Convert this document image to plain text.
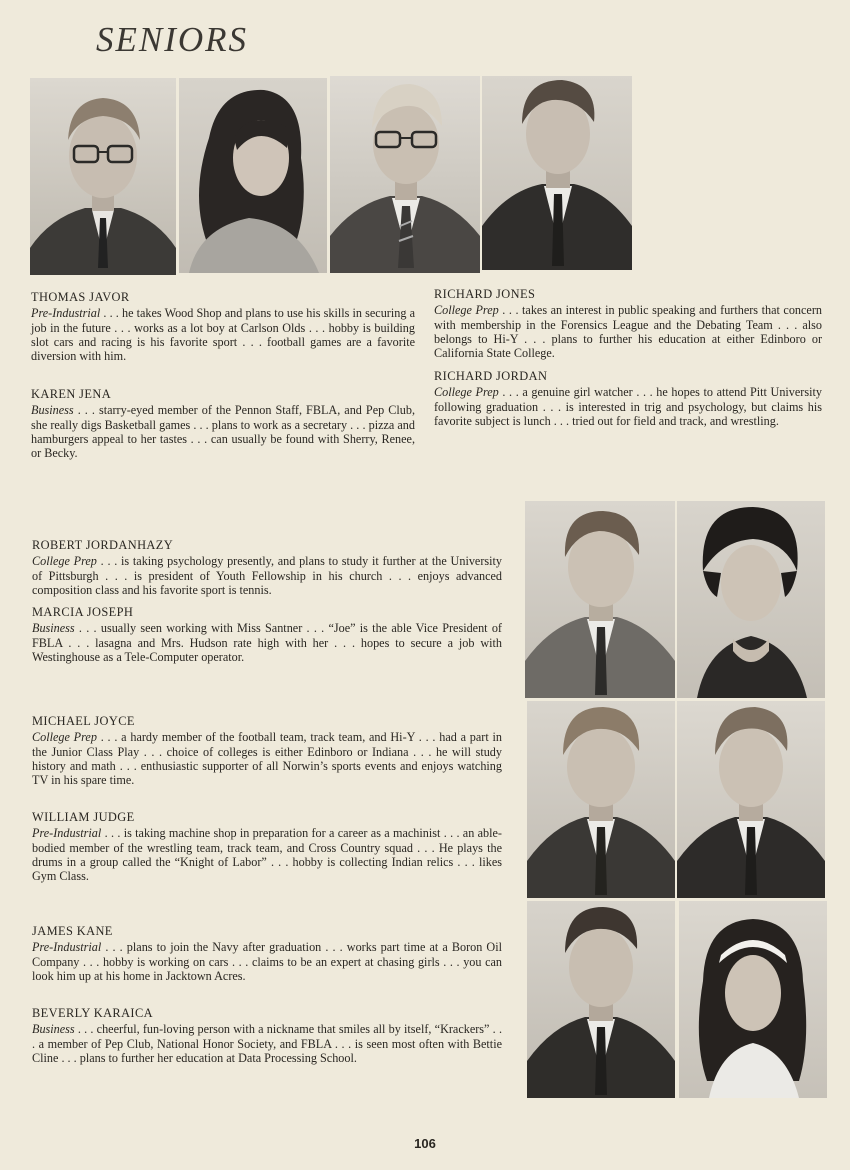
SENIORS
THOMAS JAVOR
Pre-Industrial . . . he takes Wood Shop and plans to use his skills in securing a job in the future . . . works as a lot boy at Carlson Olds . . . hobby is building slot cars and racing is his favorite sport . . . football games are a favorite diversion with him.
KAREN JENA
Business . . . starry-eyed member of the Pennon Staff, FBLA, and Pep Club, she really digs Basketball games . . . plans to work as a secretary . . . pizza and hamburgers appeal to her tastes . . . can usually be found with Sherry, Renee, or Becky.
RICHARD JONES
College Prep . . . takes an interest in public speaking and furthers that concern with membership in the Forensics League and the Debating Team . . . also belongs to Hi-Y . . . plans to further his education at either Edinboro or California State College.
RICHARD JORDAN
College Prep . . . a genuine girl watcher . . . he hopes to attend Pitt University following graduation . . . is interested in trig and psychology, but claims his favorite subject is lunch . . . tried out for field and track, and wrestling.
ROBERT JORDANHAZY
College Prep . . . is taking psychology presently, and plans to study it further at the University of Pittsburgh . . . is president of Youth Fellowship in his church . . . enjoys advanced composition class and his favorite sport is tennis.
MARCIA JOSEPH
Business . . . usually seen working with Miss Santner . . . “Joe” is the able Vice President of FBLA . . . lasagna and Mrs. Hudson rate high with her . . . hopes to secure a job with Westinghouse as a Tele-Computer operator.
MICHAEL JOYCE
College Prep . . . a hardy member of the football team, track team, and Hi-Y . . . had a part in the Junior Class Play . . . choice of colleges is either Edinboro or Indiana . . . he will study history and math . . . enthusiastic supporter of all Norwin’s sports events and enjoys watching TV in his spare time.
WILLIAM JUDGE
Pre-Industrial . . . is taking machine shop in preparation for a career as a machinist . . . an able-bodied member of the wrestling team, track team, and Cross Country squad . . . He plays the drums in a group called the “Knight of Labor” . . . hobby is collecting Indian relics . . . likes Gym Class.
JAMES KANE
Pre-Industrial . . . plans to join the Navy after graduation . . . works part time at a Boron Oil Company . . . hobby is working on cars . . . claims to be an expert at chasing girls . . . you can look him up at his home in Jacktown Acres.
BEVERLY KARAICA
Business . . . cheerful, fun-loving person with a nickname that smiles all by itself, “Krackers” . . . a member of Pep Club, National Honor Society, and FBLA . . . is seen most often with Bettie Cline . . . plans to further her education at Data Processing School.
106
